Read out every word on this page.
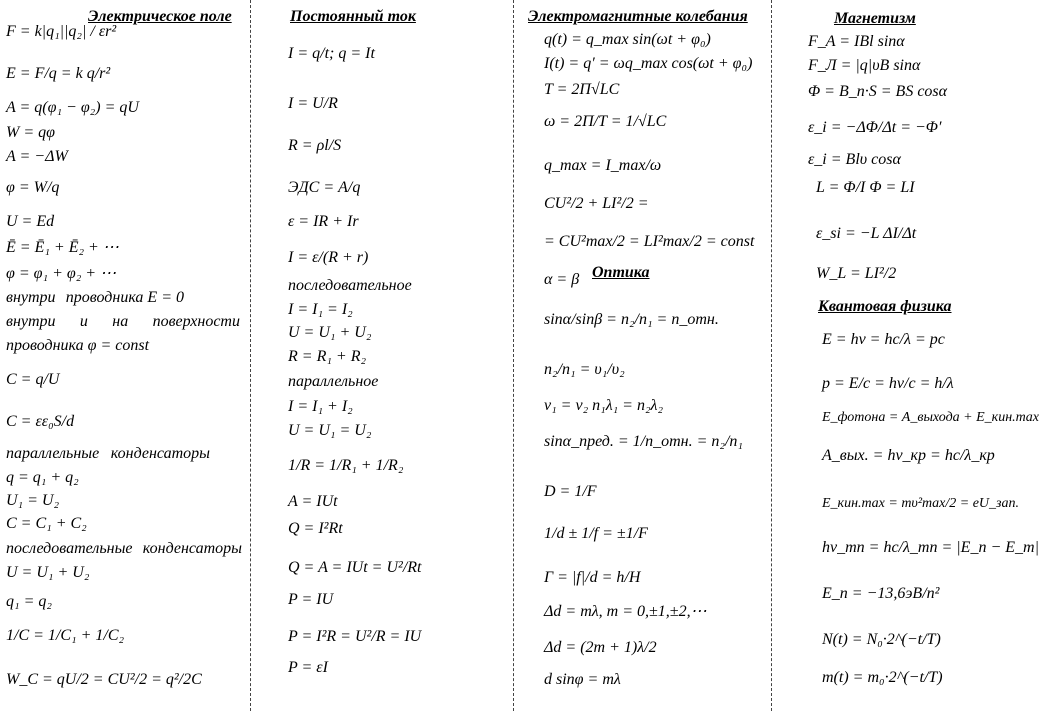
Электрическое поле
F = k|q₁||q₂| / εr²
E = F/q = k q/r²
A = q(φ₁ − φ₂) = qU
W = qφ
A = −ΔW
φ = W/q
U = Ed
Ē = Ē₁ + Ē₂ + ⋯
φ = φ₁ + φ₂ + ⋯
внутри проводника E = 0
внутри и на поверхности
проводника φ = const
C = q/U
C = εε₀S/d
параллельные конденсаторы
q = q₁ + q₂
U₁ = U₂
C = C₁ + C₂
последовательные конденсаторы
U = U₁ + U₂
q₁ = q₂
1/C = 1/C₁ + 1/C₂
W_C = qU/2 = CU²/2 = q²/2C
Постоянный ток
I = q/t; q = It
I = U/R
R = ρl/S
ЭДС = A/q
ε = IR + Ir
I = ε/(R + r)
последовательное
I = I₁ = I₂
U = U₁ + U₂
R = R₁ + R₂
параллельное
I = I₁ + I₂
U = U₁ = U₂
1/R = 1/R₁ + 1/R₂
A = IUt
Q = I²Rt
Q = A = IUt = U²/Rt
P = IU
P = I²R = U²/R = IU
P = εI
Электромагнитные колебания
q(t) = q_max sin(ωt + φ₀)
I(t) = q′ = ωq_max cos(ωt + φ₀)
T = 2Π√LC
ω = 2Π/T = 1/√LC
q_max = I_max/ω
CU²/2 + LI²/2 =
= CU²max/2 = LI²max/2 = const
α = β Оптика
sinα/sinβ = n₂/n₁ = n_отн.
n₂/n₁ = υ₁/υ₂
ν₁ = ν₂ n₁λ₁ = n₂λ₂
sinα_пред. = 1/n_отн. = n₂/n₁
D = 1/F
1/d ± 1/f = ±1/F
Г = |f|/d = h/H
Δd = mλ, m = 0,±1,±2,⋯
Δd = (2m + 1)λ/2
d sinφ = mλ
Магнетизм
F_A = IBl sinα
F_Л = |q|υB sinα
Φ = B_n·S = BS cosα
ε_i = −ΔΦ/Δt = −Φ′
ε_i = Blυ cosα
L = Φ/I Φ = LI
ε_si = −L ΔI/Δt
W_L = LI²/2
Квантовая физика
E = hν = hc/λ = pc
p = E/c = hν/c = h/λ
E_фотона = A_выхода + E_кин.max
A_вых. = hν_кр = hc/λ_кр
E_кин.max = mυ²max/2 = eU_зап.
hν_mn = hc/λ_mn = |E_n − E_m|
E_n = −13,6эВ/n²
N(t) = N₀·2^(−t/T)
m(t) = m₀·2^(−t/T)
